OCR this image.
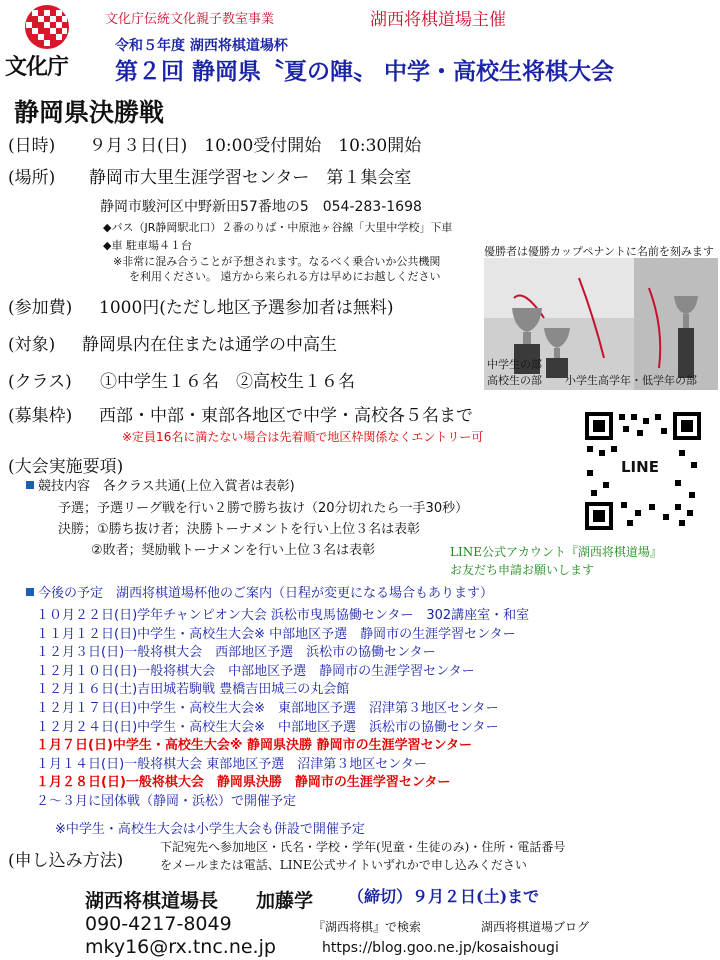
文化庁
文化庁伝統文化親子教室事業	湖西将棋道場主催
令和５年度 湖西将棋道場杯
第２回 静岡県〝夏の陣〟 中学・高校生将棋大会
静岡県決勝戦
(日時) ９月３日(日)　10:00受付開始　10:30開始
(場所) 静岡市大里生涯学習センター　第１集会室
静岡市駿河区中野新田57番地の5　054-283-1698
◆バス（JR静岡駅北口）２番のりば・中原池ヶ谷線「大里中学校」下車
◆車 駐車場４１台
※非常に混み合うことが予想されます。なるべく乗合いか公共機関
を利用ください。 遠方から来られる方は早めにお越しください
(参加費) 1000円(ただし地区予選参加者は無料)
(対象) 静岡県内在住または通学の中高生
(クラス) ①中学生１６名　②高校生１６名
(募集枠) 西部・中部・東部各地区で中学・高校各５名まで
※定員16名に満たない場合は先着順で地区枠関係なくエントリー可
優勝者は優勝カップペナントに名前を刻みます
中学生の部
高校生の部 小学生高学年・低学年の部
LINE
LINE公式アカウント『湖西将棋道場』
お友だち申請お願いします
(大会実施要項)
競技内容　各クラス共通(上位入賞者は表彰)
予選；予選リーグ戦を行い２勝で勝ち抜け（20分切れたら一手30秒）
決勝；①勝ち抜け者；決勝トーナメントを行い上位３名は表彰
②敗者；奨励戦トーナメンを行い上位３名は表彰
今後の予定　湖西将棋道場杯他のご案内（日程が変更になる場合もあります）
１０月２２日(日)学年チャンピオン大会 浜松市曳馬協働センター　302講座室・和室
１１月１２日(日)中学生・高校生大会※ 中部地区予選　静岡市の生涯学習センター
１２月３日(日)一般将棋大会　西部地区予選　浜松市の協働センター
１２月１０日(日)一般将棋大会　中部地区予選　静岡市の生涯学習センター
１２月１６日(土)吉田城若駒戦 豊橋吉田城三の丸会館
１２月１７日(日)中学生・高校生大会※　東部地区予選　沼津第３地区センター
１２月２４日(日)中学生・高校生大会※　中部地区予選　浜松市の協働センター
１月７日(日)中学生・高校生大会※ 静岡県決勝 静岡市の生涯学習センター
１月１４日(日)一般将棋大会 東部地区予選　沼津第３地区センター
１月２８日(日)一般将棋大会　静岡県決勝　静岡市の生涯学習センター
２～３月に団体戦（静岡・浜松）で開催予定
※中学生・高校生大会は小学生大会も併設で開催予定
(申し込み方法)
下記宛先へ参加地区・氏名・学校・学年(児童・生徒のみ)・住所・電話番号
をメールまたは電話、LINE公式サイトいずれかで申し込みください
湖西将棋道場長　　加藤学 （締切）９月２日(土)まで
090-4217-8049
mky16@rx.tnc.ne.jp
『湖西将棋』で検索	湖西将棋道場ブログ
https://blog.goo.ne.jp/kosaishougi
